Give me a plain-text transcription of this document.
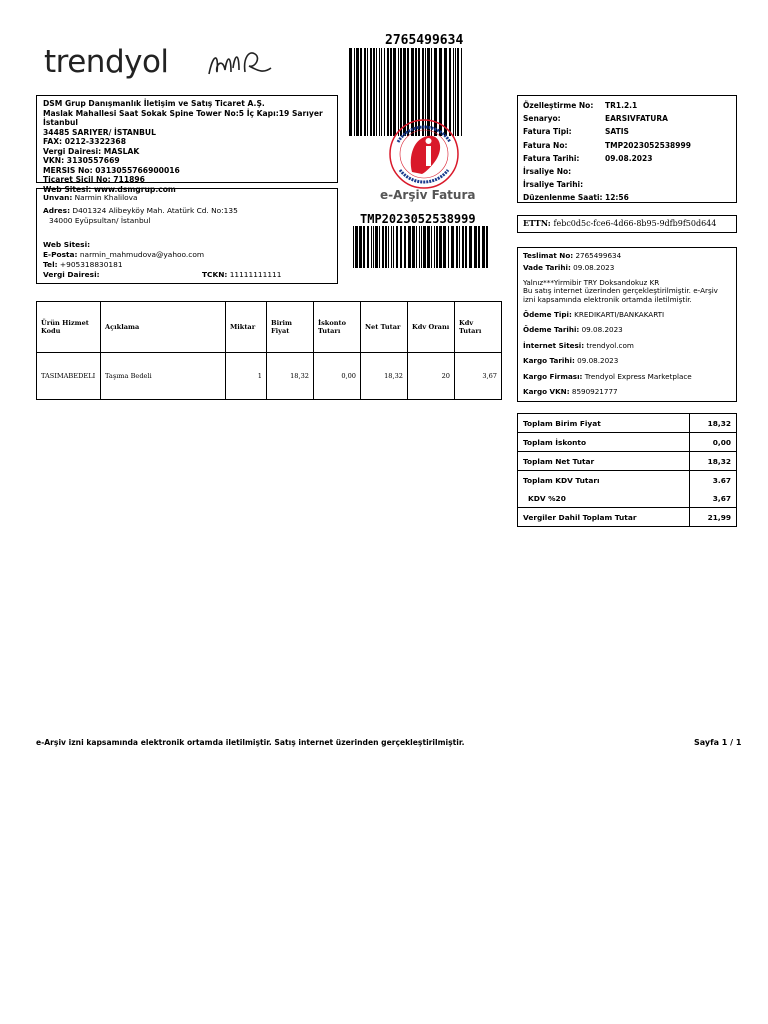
trendyol
2765499634
DSM Grup Danışmanlık İletişim ve Satış Ticaret A.Ş.
Maslak Mahallesi Saat Sokak Spine Tower No:5 İç Kapı:19 Sarıyer İstanbul
34485 SARIYER/ İSTANBUL
FAX: 0212-3322368
Vergi Dairesi: MASLAK
VKN: 3130557669
MERSIS No: 0313055766900016
Ticaret Sicil No: 711896
Web Sitesi: www.dsmgrup.com	e-Arşiv Fatura
TMP2023052538999
Unvan: Narmin Khalilova
Adres: D401324 Alibeyköy Mah. Atatürk Cd. No:135
34000 Eyüpsultan/ İstanbul
Web Sitesi:
E-Posta: narmin_mahmudova@yahoo.com
Tel: +905318830181
Vergi Dairesi:	TCKN: 11111111111
Özelleştirme No:	TR1.2.1
Senaryo:	EARSIVFATURA
Fatura Tipi:	SATIS
Fatura No:	TMP2023052538999
Fatura Tarihi:	09.08.2023
İrsaliye No:	
İrsaliye Tarihi:	
Düzenlenme Saati:	12:56
ETTN: febc0d5c-fce6-4d66-8b95-9dfb9f50d644
Teslimat No: 2765499634
Vade Tarihi: 09.08.2023
Yalnız***Yirmibir TRY Doksandokuz KR
Bu satış internet üzerinden gerçekleştirilmiştir. e-Arşiv izni kapsamında elektronik ortamda iletilmiştir.
Ödeme Tipi: KREDIKARTI/BANKAKARTI
Ödeme Tarihi: 09.08.2023
İnternet Sitesi: trendyol.com
Kargo Tarihi: 09.08.2023
Kargo Firması: Trendyol Express Marketplace
Kargo VKN: 8590921777
Ürün Hizmet Kodu	Açıklama	Miktar	Birim Fiyat	İskonto Tutarı	Net Tutar	Kdv Oranı	Kdv Tutarı
TASIMABEDELI	Taşıma Bedeli	1	18,32	0,00	18,32	20	3,67
Toplam Birim Fiyat	18,32
Toplam İskonto	0,00
Toplam Net Tutar	18,32
Toplam KDV Tutarı	3.67
KDV %20	3,67
Vergiler Dahil Toplam Tutar	21,99
e-Arşiv izni kapsamında elektronik ortamda iletilmiştir. Satış internet üzerinden gerçekleştirilmiştir.	Sayfa 1 / 1
